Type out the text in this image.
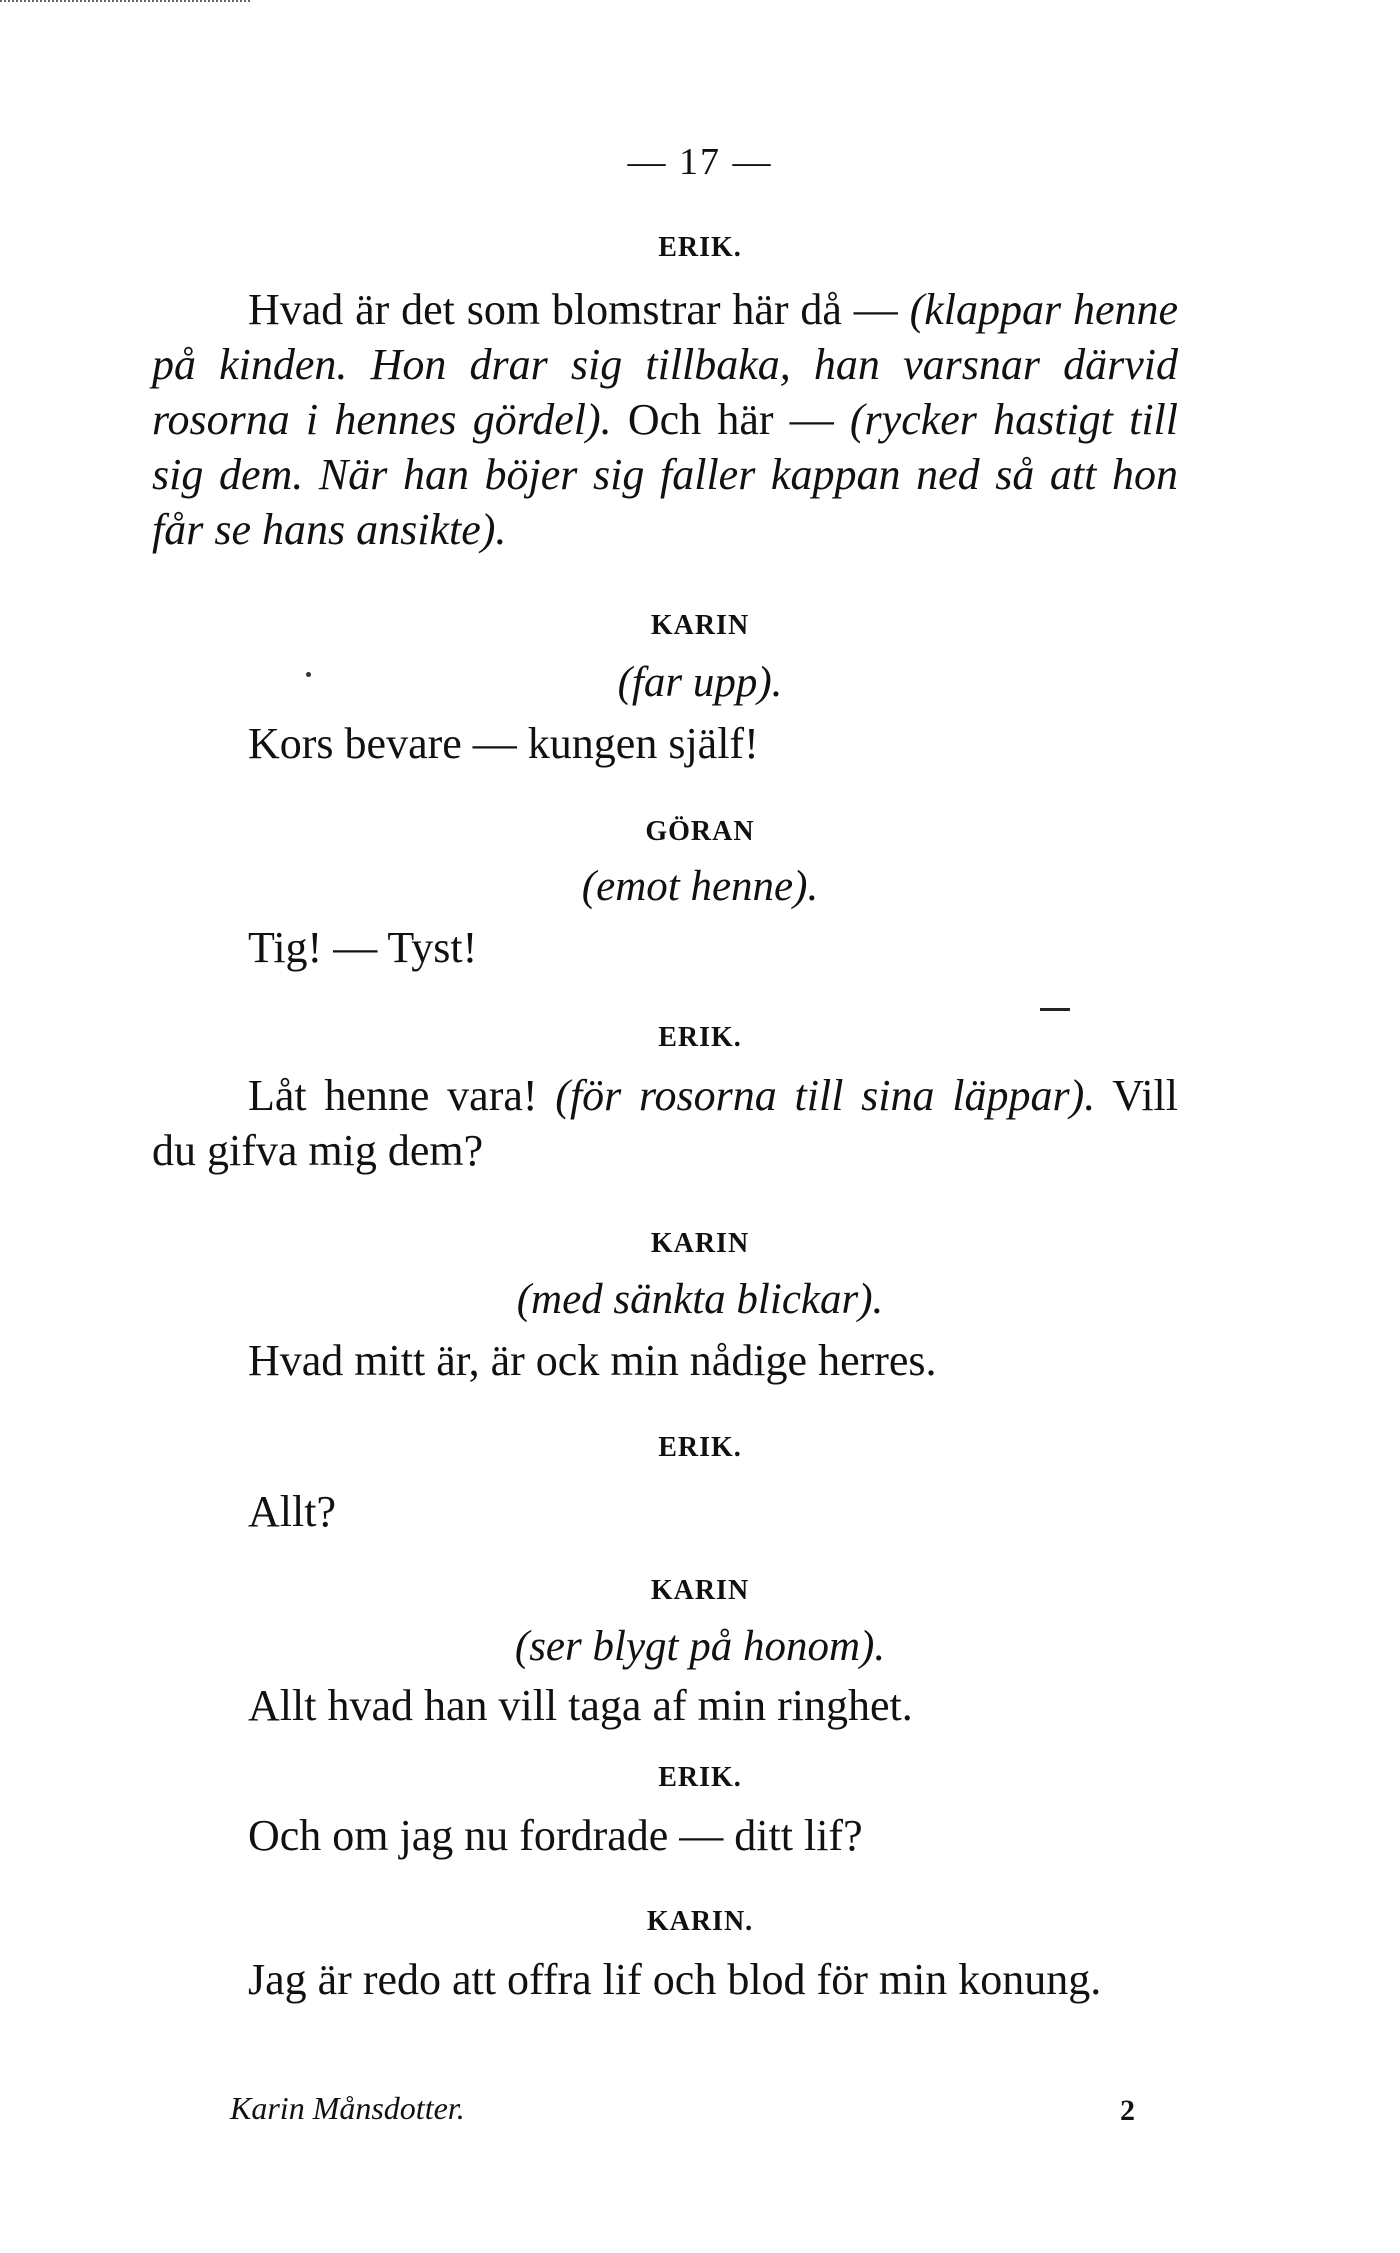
— 17 —
ERIK.
Hvad är det som blomstrar här då — (klappar henne på kinden. Hon drar sig tillbaka, han varsnar därvid rosorna i hennes gördel). Och här — (rycker hastigt till sig dem. När han böjer sig faller kappan ned så att hon får se hans ansikte).
KARIN
(far upp).
Kors bevare — kungen själf!
GÖRAN
(emot henne).
Tig! — Tyst!
ERIK.
Låt henne vara! (för rosorna till sina läppar). Vill du gifva mig dem?
KARIN
(med sänkta blickar).
Hvad mitt är, är ock min nådige herres.
ERIK.
Allt?
KARIN
(ser blygt på honom).
Allt hvad han vill taga af min ringhet.
ERIK.
Och om jag nu fordrade — ditt lif?
KARIN.
Jag är redo att offra lif och blod för min konung.
Karin Månsdotter.	2
